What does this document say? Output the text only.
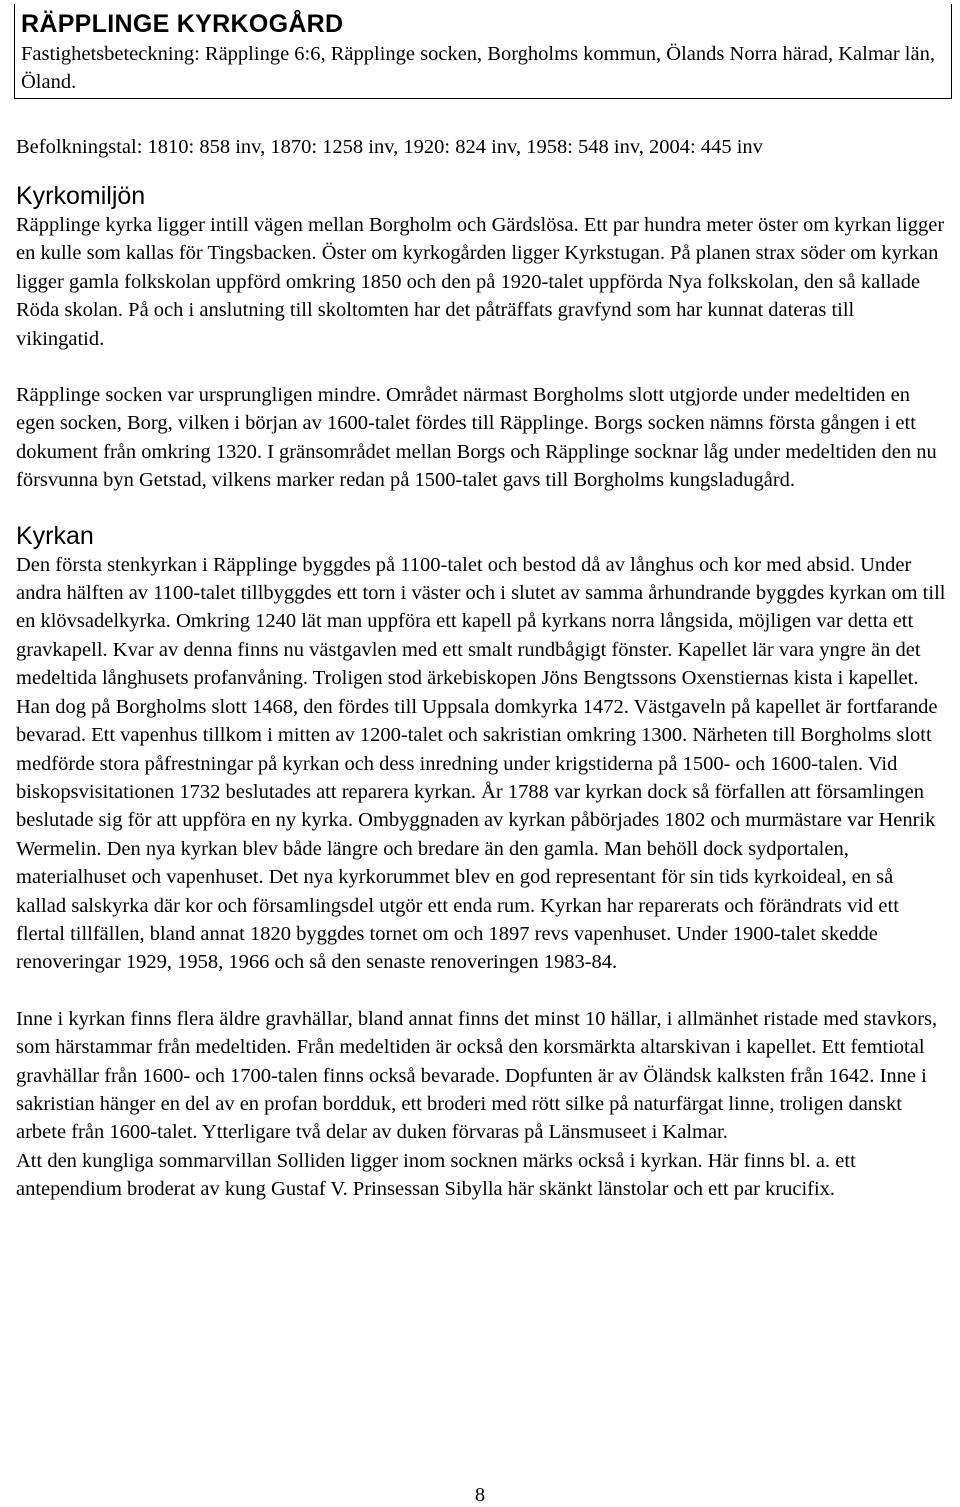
RÄPPLINGE KYRKOGÅRD

Fastighetsbeteckning: Räpplinge 6:6, Räpplinge socken, Borgholms kommun, Ölands Norra härad, Kalmar län, Öland.

Befolkningstal: 1810: 858 inv, 1870: 1258 inv, 1920: 824 inv, 1958: 548 inv, 2004: 445 inv

Kyrkomiljön

Räpplinge kyrka ligger intill vägen mellan Borgholm och Gärdslösa. Ett par hundra meter öster om kyrkan ligger en kulle som kallas för Tingsbacken. Öster om kyrkogården ligger Kyrkstugan. På planen strax söder om kyrkan ligger gamla folkskolan uppförd omkring 1850 och den på 1920-talet uppförda Nya folkskolan, den så kallade Röda skolan. På och i anslutning till skoltomten har det påträffats gravfynd som har kunnat dateras till vikingatid.

Räpplinge socken var ursprungligen mindre. Området närmast Borgholms slott utgjorde under medeltiden en egen socken, Borg, vilken i början av 1600-talet fördes till Räpplinge. Borgs socken nämns första gången i ett dokument från omkring 1320. I gränsområdet mellan Borgs och Räpplinge socknar låg under medeltiden den nu försvunna byn Getstad, vilkens marker redan på 1500-talet gavs till Borgholms kungsladugård.

Kyrkan

Den första stenkyrkan i Räpplinge byggdes på 1100-talet och bestod då av långhus och kor med absid. Under andra hälften av 1100-talet tillbyggdes ett torn i väster och i slutet av samma århundrande byggdes kyrkan om till en klövsadelkyrka. Omkring 1240 lät man uppföra ett kapell på kyrkans norra långsida, möjligen var detta ett gravkapell. Kvar av denna finns nu västgavlen med ett smalt rundbågigt fönster. Kapellet lär vara yngre än det medeltida långhusets profanvåning. Troligen stod ärkebiskopen Jöns Bengtssons Oxenstiernas kista i kapellet. Han dog på Borgholms slott 1468, den fördes till Uppsala domkyrka 1472. Västgaveln på kapellet är fortfarande bevarad. Ett vapenhus tillkom i mitten av 1200-talet och sakristian omkring 1300. Närheten till Borgholms slott medförde stora påfrestningar på kyrkan och dess inredning under krigstiderna på 1500- och 1600-talen. Vid biskopsvisitationen 1732 beslutades att reparera kyrkan. År 1788 var kyrkan dock så förfallen att församlingen beslutade sig för att uppföra en ny kyrka. Ombyggnaden av kyrkan påbörjades 1802 och murmästare var Henrik Wermelin. Den nya kyrkan blev både längre och bredare än den gamla. Man behöll dock sydportalen, materialhuset och vapenhuset. Det nya kyrkorummet blev en god representant för sin tids kyrkoideal, en så kallad salskyrka där kor och församlingsdel utgör ett enda rum. Kyrkan har reparerats och förändrats vid ett flertal tillfällen, bland annat 1820 byggdes tornet om och 1897 revs vapenhuset. Under 1900-talet skedde renoveringar 1929, 1958, 1966 och så den senaste renoveringen 1983-84.

Inne i kyrkan finns flera äldre gravhällar, bland annat finns det minst 10 hällar, i allmänhet ristade med stavkors, som härstammar från medeltiden. Från medeltiden är också den korsmärkta altarskivan i kapellet. Ett femtiotal gravhällar från 1600- och 1700-talen finns också bevarade. Dopfunten är av Öländsk kalksten från 1642. Inne i sakristian hänger en del av en profan bordduk, ett broderi med rött silke på naturfärgat linne, troligen danskt arbete från 1600-talet. Ytterligare två delar av duken förvaras på Länsmuseet i Kalmar.

Att den kungliga sommarvillan Solliden ligger inom socknen märks också i kyrkan. Här finns bl. a. ett antependium broderat av kung Gustaf V. Prinsessan Sibylla här skänkt länstolar och ett par krucifix.

8
